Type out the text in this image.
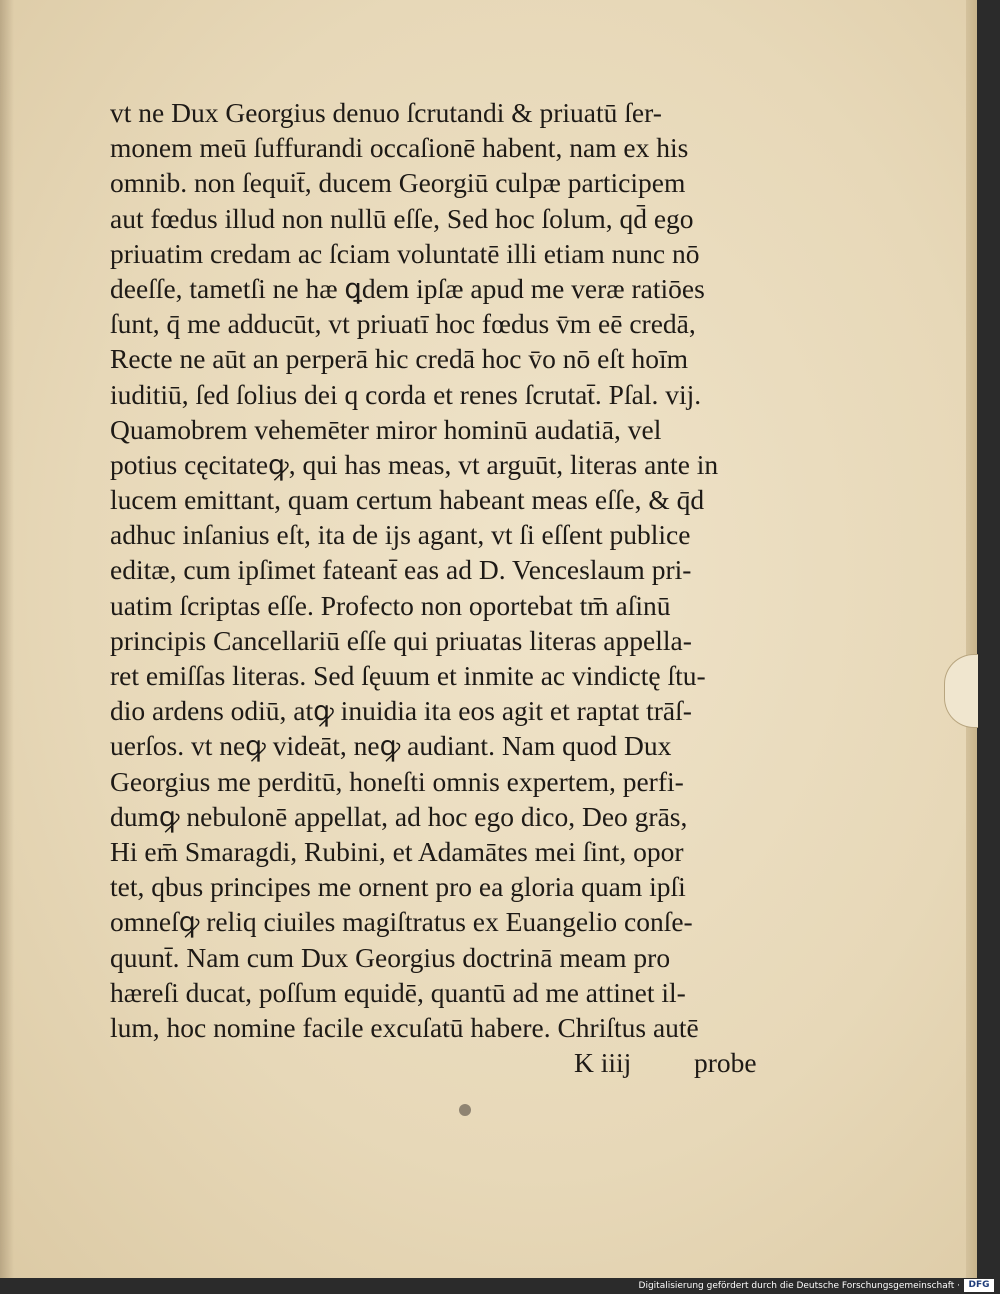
vt ne Dux Georgius denuo ſcrutandi & priuatū ſer-
monem meū ſuffurandi occaſionē habent, nam ex his
omnib. non ſequit̄, ducem Georgiū culpæ participem
aut fœdus illud non nullū eſſe, Sed hoc ſolum, qd̄ ego
priuatim credam ac ſciam voluntatē illi etiam nunc nō
deeſſe, tametſi ne hæ ꝗdem ipſæ apud me veræ ratiōes
ſunt, q̄ me adducūt, vt priuatī hoc fœdus v̄m eē credā,
Recte ne aūt an perperā hic credā hoc v̄o nō eſt hoīm
iuditiū, ſed ſolius dei q corda et renes ſcrutat̄. Pſal. vij.
Quamobrem vehemēter miror hominū audatiā, vel
potius cęcitateꝙ, qui has meas, vt arguūt, literas ante in
lucem emittant, quam certum habeant meas eſſe, & q̄d
adhuc inſanius eſt, ita de ijs agant, vt ſi eſſent publice
editæ, cum ipſimet fateant̄ eas ad D. Venceslaum pri-
uatim ſcriptas eſſe. Profecto non oportebat tm̄ aſinū
principis Cancellariū eſſe qui priuatas literas appella-
ret emiſſas literas. Sed ſęuum et inmite ac vindictę ſtu-
dio ardens odiū, atꝙ inuidia ita eos agit et raptat trāſ-
uerſos. vt neꝙ videāt, neꝙ audiant. Nam quod Dux
Georgius me perditū, honeſti omnis expertem, perfi-
dumꝙ nebulonē appellat, ad hoc ego dico, Deo grās,
Hi em̄ Smaragdi, Rubini, et Adamātes mei ſint, opor
tet, qbus principes me ornent pro ea gloria quam ipſi
omneſꝙ reliq ciuiles magiſtratus ex Euangelio conſe-
quunt̄. Nam cum Dux Georgius doctrinā meam pro
hæreſi ducat, poſſum equidē, quantū ad me attinet il-
lum, hoc nomine facile excuſatū habere. Chriſtus autē
K iiij probe
Digitalisierung gefördert durch die Deutsche Forschungsgemeinschaft · DFG
